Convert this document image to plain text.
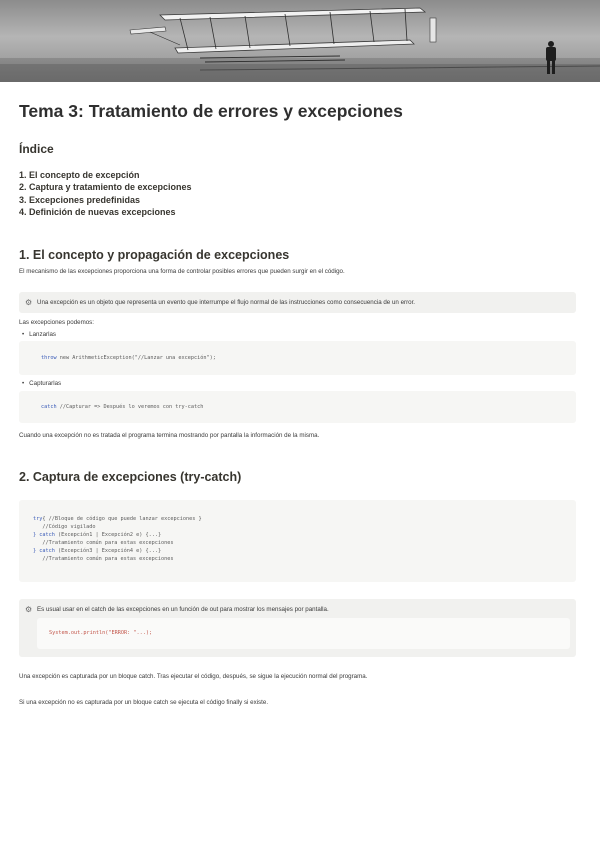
Tema 3: Tratamiento de errores y excepciones
Índice
1. El concepto de excepción
2. Captura y tratamiento de excepciones
3. Excepciones predefinidas
4. Definición de nuevas excepciones
1. El concepto y propagación de excepciones
El mecanismo de las excepciones proporciona una forma de controlar posibles errores que pueden surgir en el código.
⚙ Una excepción es un objeto que representa un evento que interrumpe el flujo normal de las instrucciones como consecuencia de un error.
Las excepciones podemos:
• Lanzarlas
throw new ArithmeticException("//Lanzar una excepción");
• Capturarlas
catch //Capturar => Después lo veremos con try-catch
Cuando una excepción no es tratada el programa termina mostrando por pantalla la información de la misma.
2. Captura de excepciones (try-catch)
try{ //Bloque de código que puede lanzar excepciones }
//Código vigilado
} catch (Excepción1 | Excepción2 e) {...}
//Tratamiento común para estas excepciones
} catch (Excepción3 | Excepción4 e) {...}
//Tratamiento común para estas excepciones
⚙ Es usual usar en el catch de las excepciones en un función de out para mostrar los mensajes por pantalla.
System.out.println("ERROR: "...);
Una excepción es capturada por un bloque catch. Tras ejecutar el código, después, se sigue la ejecución normal del programa.
Si una excepción no es capturada por un bloque catch se ejecuta el código finally si existe.
